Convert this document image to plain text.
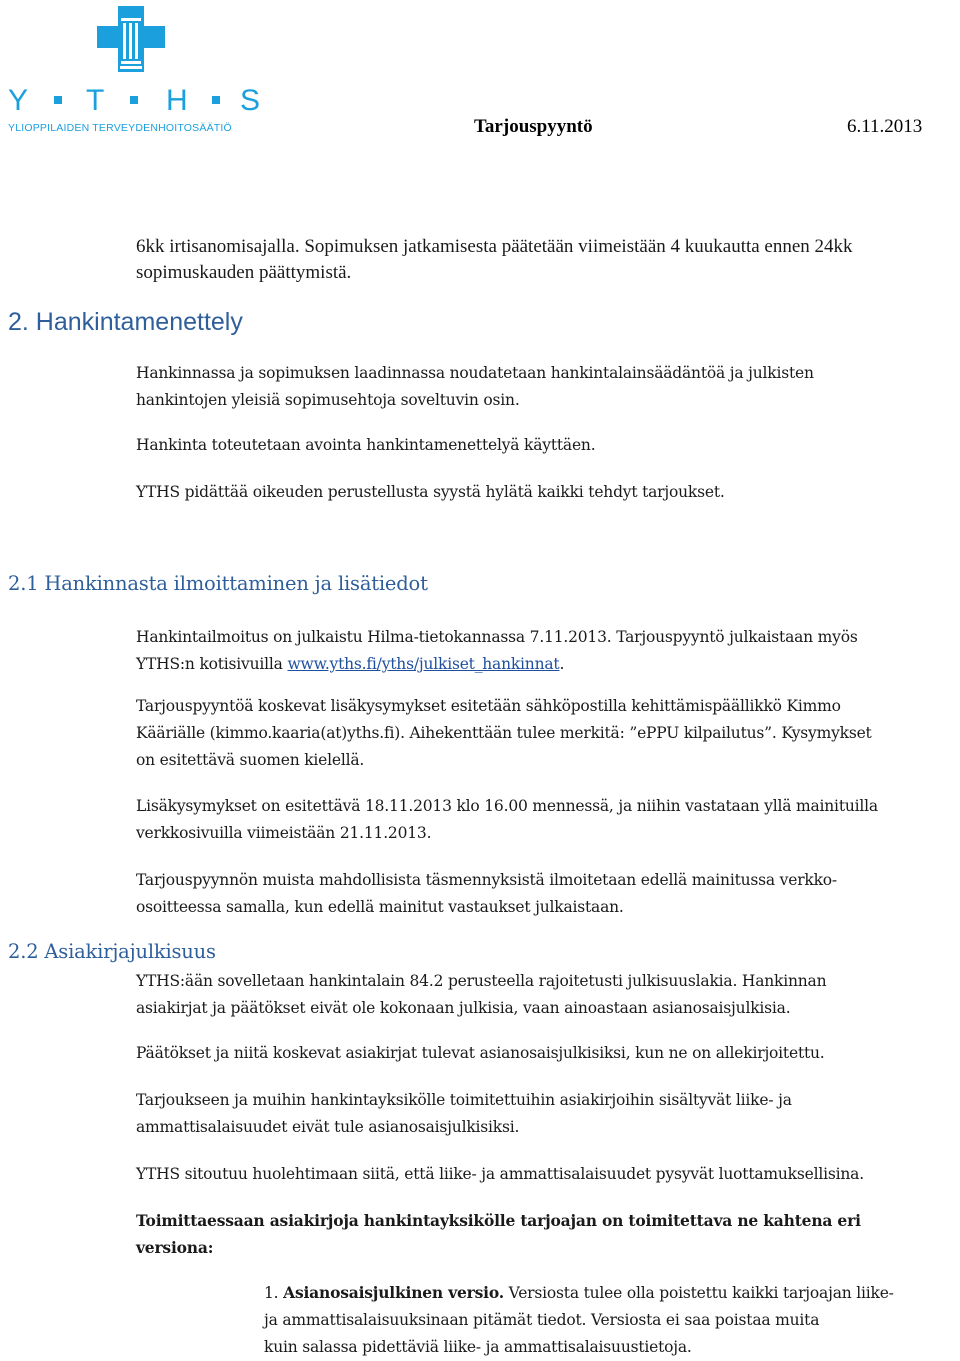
Y T H S
YLIOPPILAIDEN TERVEYDENHOITOSÄÄTIÖ	Tarjouspyyntö	6.11.2013
6kk irtisanomisajalla. Sopimuksen jatkamisesta päätetään viimeistään 4 kuukautta ennen 24kk
sopimuskauden päättymistä.
2. Hankintamenettely
Hankinnassa ja sopimuksen laadinnassa noudatetaan hankintalainsäädäntöä ja julkisten
hankintojen yleisiä sopimusehtoja soveltuvin osin.
Hankinta toteutetaan avointa hankintamenettelyä käyttäen.
YTHS pidättää oikeuden perustellusta syystä hylätä kaikki tehdyt tarjoukset.
2.1 Hankinnasta ilmoittaminen ja lisätiedot
Hankintailmoitus on julkaistu Hilma-tietokannassa 7.11.2013. Tarjouspyyntö julkaistaan myös
YTHS:n kotisivuilla www.yths.fi/yths/julkiset_hankinnat.
Tarjouspyyntöä koskevat lisäkysymykset esitetään sähköpostilla kehittämispäällikkö Kimmo
Kääriälle (kimmo.kaaria(at)yths.fi). Aihekenttään tulee merkitä: ”ePPU kilpailutus”. Kysymykset
on esitettävä suomen kielellä.
Lisäkysymykset on esitettävä 18.11.2013 klo 16.00 mennessä, ja niihin vastataan yllä mainituilla
verkkosivuilla viimeistään 21.11.2013.
Tarjouspyynnön muista mahdollisista täsmennyksistä ilmoitetaan edellä mainitussa verkko-
osoitteessa samalla, kun edellä mainitut vastaukset julkaistaan.
2.2 Asiakirjajulkisuus
YTHS:ään sovelletaan hankintalain 84.2 perusteella rajoitetusti julkisuuslakia. Hankinnan
asiakirjat ja päätökset eivät ole kokonaan julkisia, vaan ainoastaan asianosaisjulkisia.
Päätökset ja niitä koskevat asiakirjat tulevat asianosaisjulkisiksi, kun ne on allekirjoitettu.
Tarjoukseen ja muihin hankintayksikölle toimitettuihin asiakirjoihin sisältyvät liike- ja
ammattisalaisuudet eivät tule asianosaisjulkisiksi.
YTHS sitoutuu huolehtimaan siitä, että liike- ja ammattisalaisuudet pysyvät luottamuksellisina.
Toimittaessaan asiakirjoja hankintayksikölle tarjoajan on toimitettava ne kahtena eri
versiona:
1. Asianosaisjulkinen versio. Versiosta tulee olla poistettu kaikki tarjoajan liike-
ja ammattisalaisuuksinaan pitämät tiedot. Versiosta ei saa poistaa muita
kuin salassa pidettäviä liike- ja ammattisalaisuustietoja.
